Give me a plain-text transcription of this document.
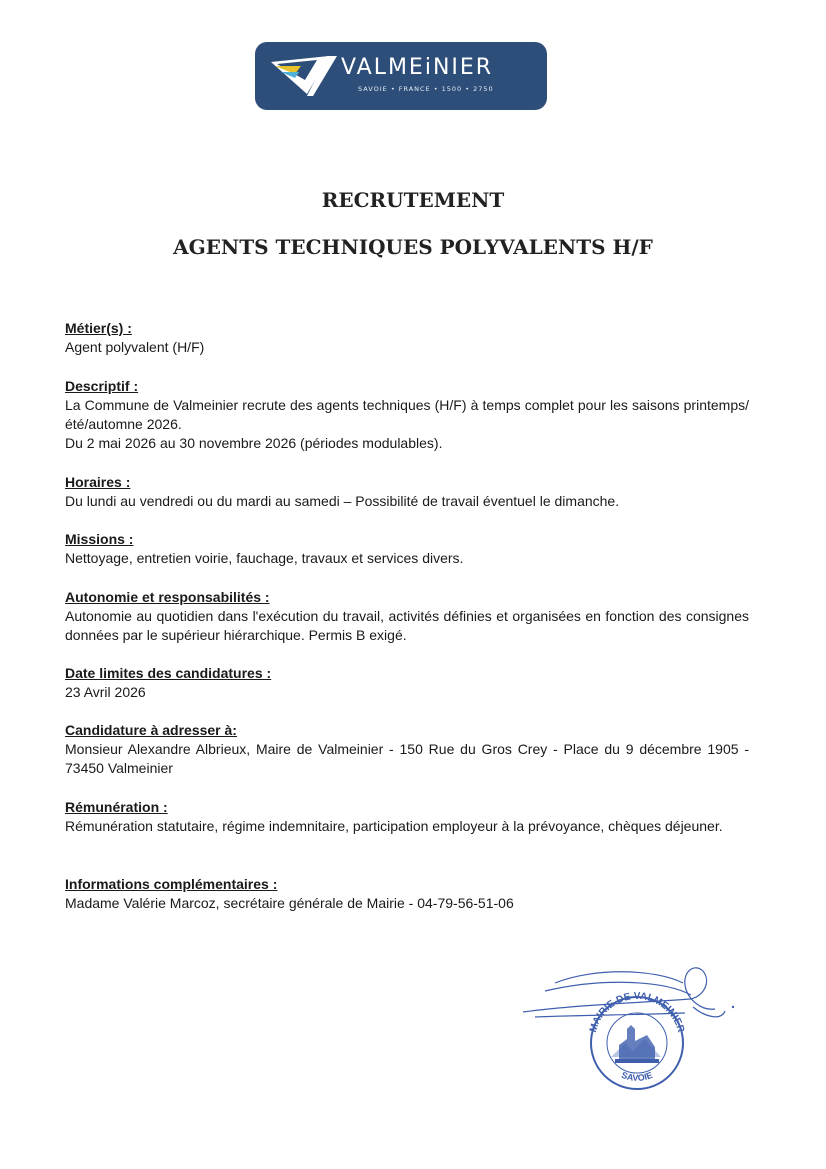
VALMEiNIER
SAVOIE • FRANCE • 1500 • 2750
RECRUTEMENT
AGENTS TECHNIQUES POLYVALENTS H/F
Métier(s) :
Agent polyvalent (H/F)
Descriptif :
La Commune de Valmeinier recrute des agents techniques (H/F) à temps complet pour les saisons printemps/été/automne 2026.
Du 2 mai 2026 au 30 novembre 2026 (périodes modulables).
Horaires :
Du lundi au vendredi ou du mardi au samedi – Possibilité de travail éventuel le dimanche.
Missions :
Nettoyage, entretien voirie, fauchage, travaux et services divers.
Autonomie et responsabilités :
Autonomie au quotidien dans l'exécution du travail, activités définies et organisées en fonction des consignes données par le supérieur hiérarchique. Permis B exigé.
Date limites des candidatures :
23 Avril 2026
Candidature à adresser à:
Monsieur Alexandre Albrieux, Maire de Valmeinier - 150 Rue du Gros Crey - Place du 9 décembre 1905 - 73450 Valmeinier
Rémunération :
Rémunération statutaire, régime indemnitaire, participation employeur à la prévoyance, chèques déjeuner.
Informations complémentaires :
Madame Valérie Marcoz, secrétaire générale de Mairie - 04-79-56-51-06
MAIRIE DE VALMEINIER
SAVOIE
